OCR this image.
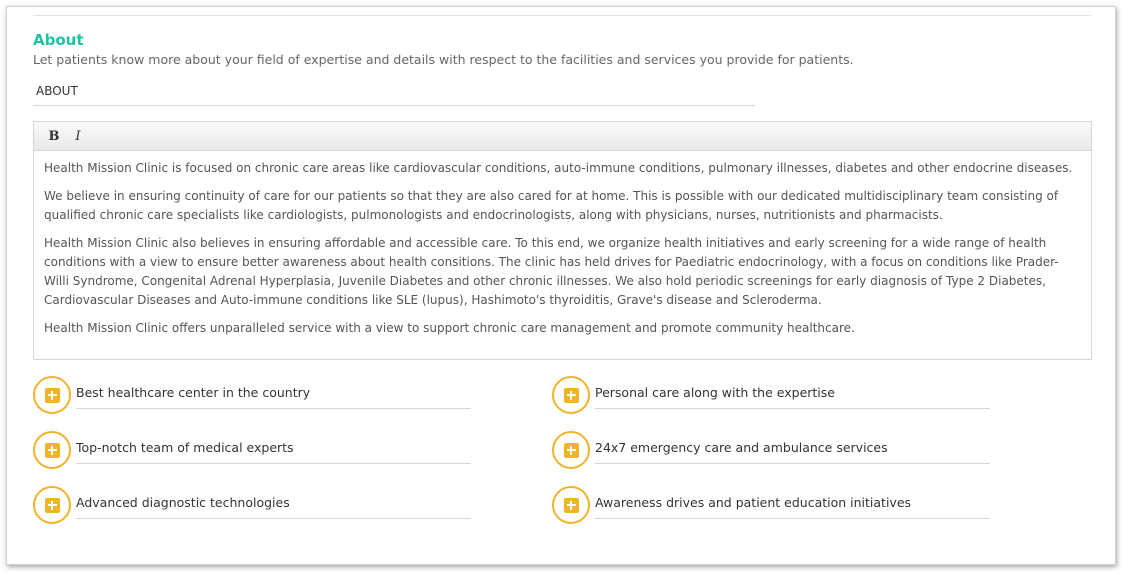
About
Let patients know more about your field of expertise and details with respect to the facilities and services you provide for patients.
ABOUT
B	I

Health Mission Clinic is focused on chronic care areas like cardiovascular conditions, auto-immune conditions, pulmonary illnesses, diabetes and other endocrine diseases.

We believe in ensuring continuity of care for our patients so that they are also cared for at home. This is possible with our dedicated multidisciplinary team consisting of qualified chronic care specialists like cardiologists, pulmonologists and endocrinologists, along with physicians, nurses, nutritionists and pharmacists.

Health Mission Clinic also believes in ensuring affordable and accessible care. To this end, we organize health initiatives and early screening for a wide range of health conditions with a view to ensure better awareness about health consitions. The clinic has held drives for Paediatric endocrinology, with a focus on conditions like Prader-Willi Syndrome, Congenital Adrenal Hyperplasia, Juvenile Diabetes and other chronic illnesses. We also hold periodic screenings for early diagnosis of Type 2 Diabetes, Cardiovascular Diseases and Auto-immune conditions like SLE (lupus), Hashimoto's thyroiditis, Grave's disease and Scleroderma.

Health Mission Clinic offers unparalleled service with a view to support chronic care management and promote community healthcare.

Best healthcare center in the country	Personal care along with the expertise
Top-notch team of medical experts	24x7 emergency care and ambulance services
Advanced diagnostic technologies	Awareness drives and patient education initiatives
